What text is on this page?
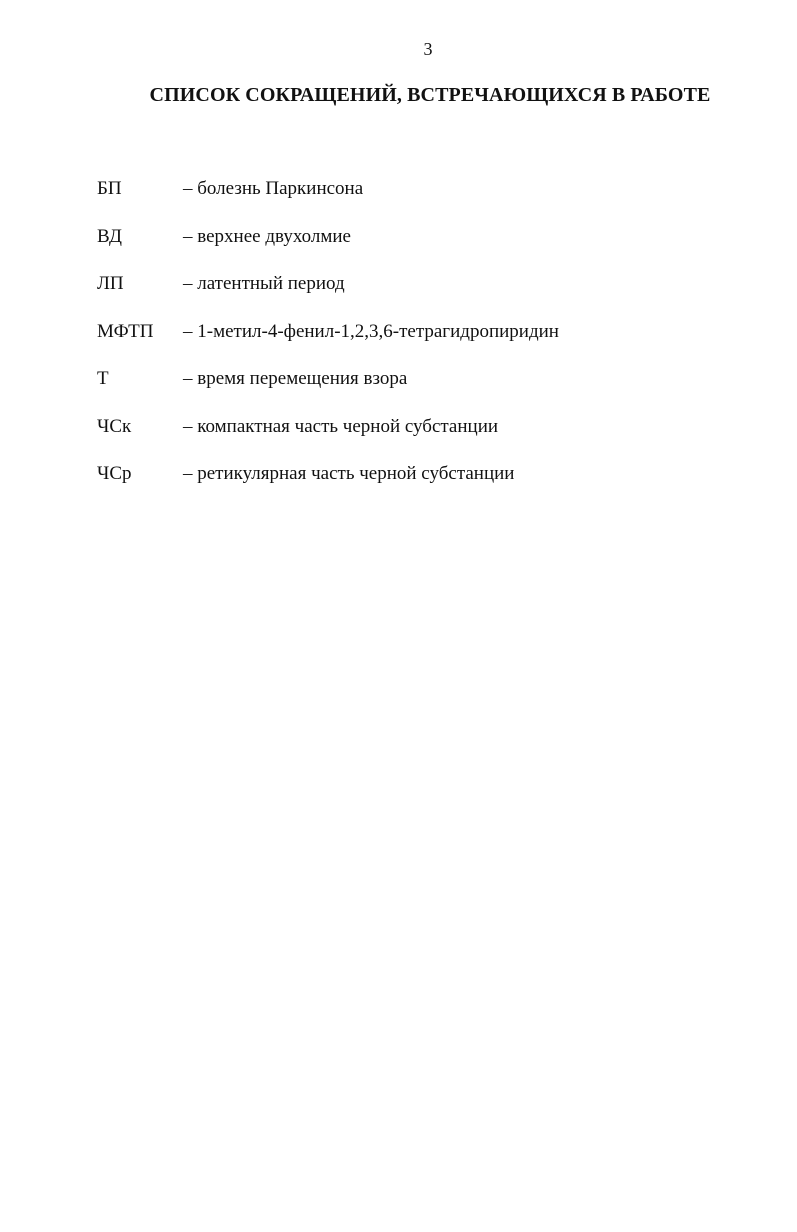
3
СПИСОК СОКРАЩЕНИЙ, ВСТРЕЧАЮЩИХСЯ В РАБОТЕ
БП	– болезнь Паркинсона
ВД	– верхнее двухолмие
ЛП	– латентный период
МФТП	– 1-метил-4-фенил-1,2,3,6-тетрагидропиридин
Т	– время перемещения взора
ЧСк	– компактная часть черной субстанции
ЧСр	– ретикулярная часть черной субстанции
